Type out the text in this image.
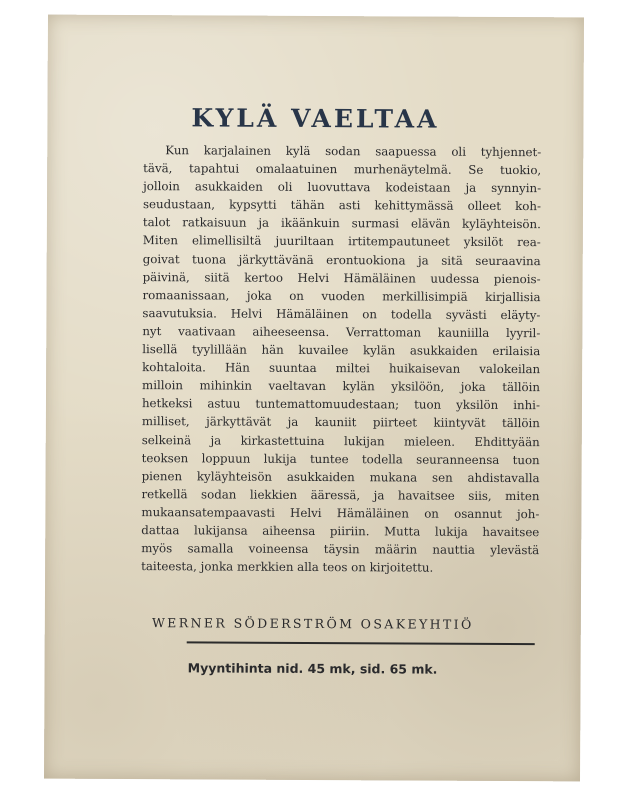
KYLÄ VAELTAA
Kun karjalainen kylä sodan saapuessa oli tyhjennet-
tävä, tapahtui omalaatuinen murhenäytelmä. Se tuokio,
jolloin asukkaiden oli luovuttava kodeistaan ja synnyin-
seudustaan, kypsytti tähän asti kehittymässä olleet koh-
talot ratkaisuun ja ikäänkuin surmasi elävän kyläyhteisön.
Miten elimellisiltä juuriltaan irtitempautuneet yksilöt rea-
goivat tuona järkyttävänä erontuokiona ja sitä seuraavina
päivinä, siitä kertoo Helvi Hämäläinen uudessa pienois-
romaanissaan, joka on vuoden merkillisimpiä kirjallisia
saavutuksia. Helvi Hämäläinen on todella syvästi eläyty-
nyt vaativaan aiheeseensa. Verrattoman kauniilla lyyril-
lisellä tyylillään hän kuvailee kylän asukkaiden erilaisia
kohtaloita. Hän suuntaa miltei huikaisevan valokeilan
milloin mihinkin vaeltavan kylän yksilöön, joka tällöin
hetkeksi astuu tuntemattomuudestaan; tuon yksilön inhi-
milliset, järkyttävät ja kauniit piirteet kiintyvät tällöin
selkeinä ja kirkastettuina lukijan mieleen. Ehdittyään
teoksen loppuun lukija tuntee todella seuranneensa tuon
pienen kyläyhteisön asukkaiden mukana sen ahdistavalla
retkellä sodan liekkien ääressä, ja havaitsee siis, miten
mukaansatempaavasti Helvi Hämäläinen on osannut joh-
dattaa lukijansa aiheensa piiriin. Mutta lukija havaitsee
myös samalla voineensa täysin määrin nauttia ylevästä
taiteesta, jonka merkkien alla teos on kirjoitettu.
WERNER SÖDERSTRÖM OSAKEYHTIÖ
Myyntihinta nid. 45 mk, sid. 65 mk.
